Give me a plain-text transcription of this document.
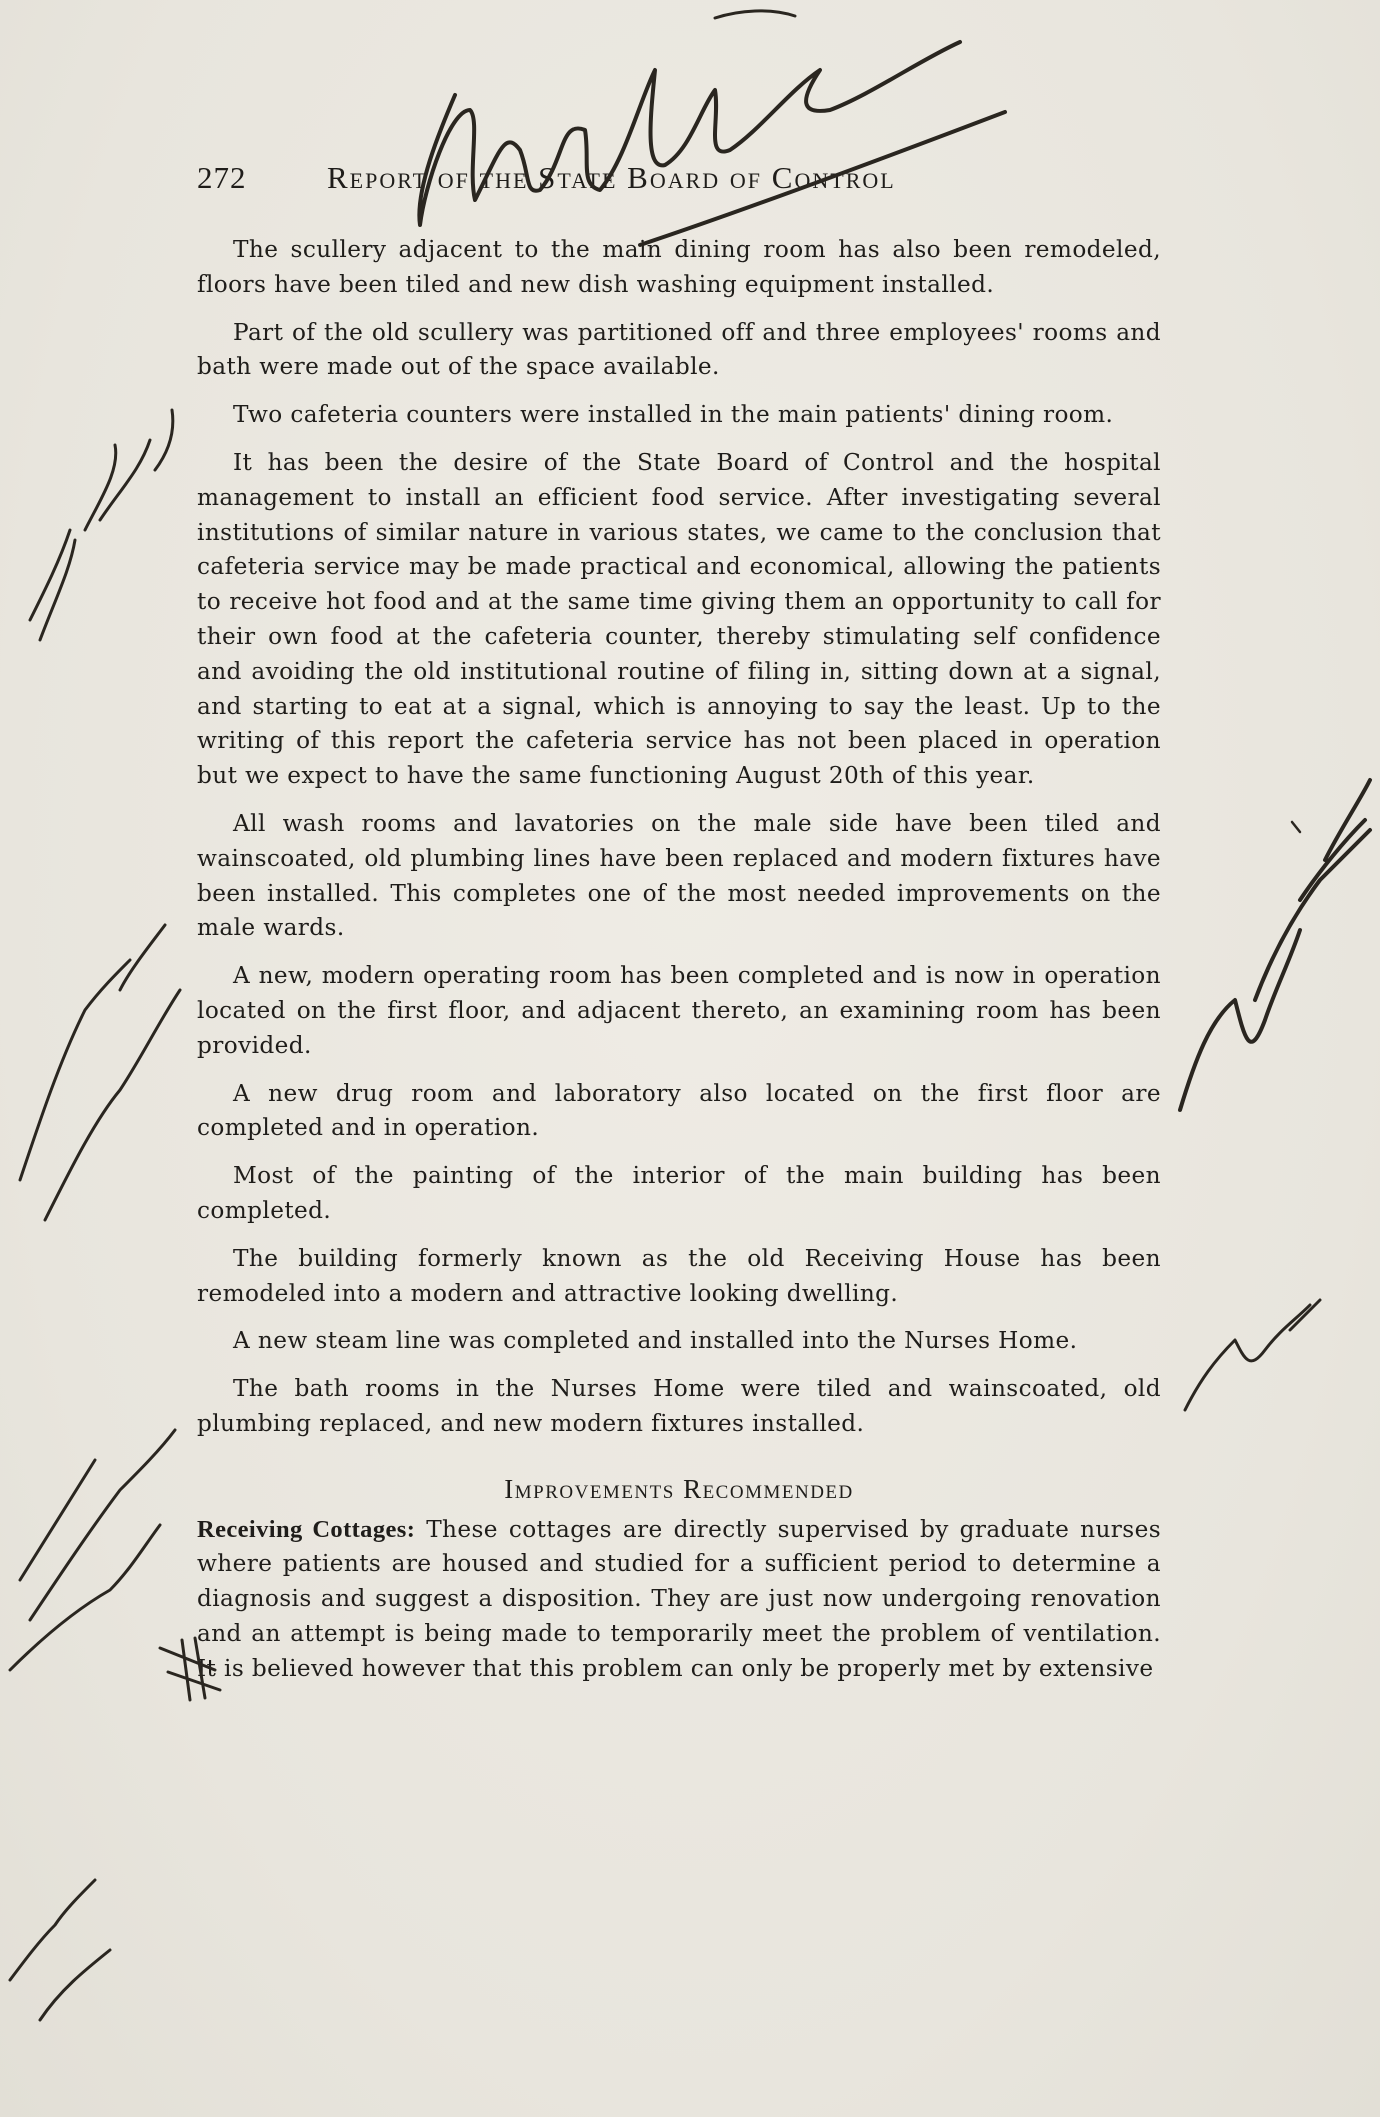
272	Report of the State Board of Control

The scullery adjacent to the main dining room has also been remodeled, floors have been tiled and new dish washing equipment installed.

Part of the old scullery was partitioned off and three employees' rooms and bath were made out of the space available.

Two cafeteria counters were installed in the main patients' dining room.

It has been the desire of the State Board of Control and the hospital management to install an efficient food service. After investigating several institutions of similar nature in various states, we came to the conclusion that cafeteria service may be made practical and economical, allowing the patients to receive hot food and at the same time giving them an opportunity to call for their own food at the cafeteria counter, thereby stimulating self confidence and avoiding the old institutional routine of filing in, sitting down at a signal, and starting to eat at a signal, which is annoying to say the least. Up to the writing of this report the cafeteria service has not been placed in operation but we expect to have the same functioning August 20th of this year.

All wash rooms and lavatories on the male side have been tiled and wainscoated, old plumbing lines have been replaced and modern fixtures have been installed. This completes one of the most needed improvements on the male wards.

A new, modern operating room has been completed and is now in operation located on the first floor, and adjacent thereto, an examining room has been provided.

A new drug room and laboratory also located on the first floor are completed and in operation.

Most of the painting of the interior of the main building has been completed.

The building formerly known as the old Receiving House has been remodeled into a modern and attractive looking dwelling.

A new steam line was completed and installed into the Nurses Home.

The bath rooms in the Nurses Home were tiled and wainscoated, old plumbing replaced, and new modern fixtures installed.

Improvements Recommended

Receiving Cottages: These cottages are directly supervised by graduate nurses where patients are housed and studied for a sufficient period to determine a diagnosis and suggest a disposition. They are just now undergoing renovation and an attempt is being made to temporarily meet the problem of ventilation. It is believed however that this problem can only be properly met by extensive
